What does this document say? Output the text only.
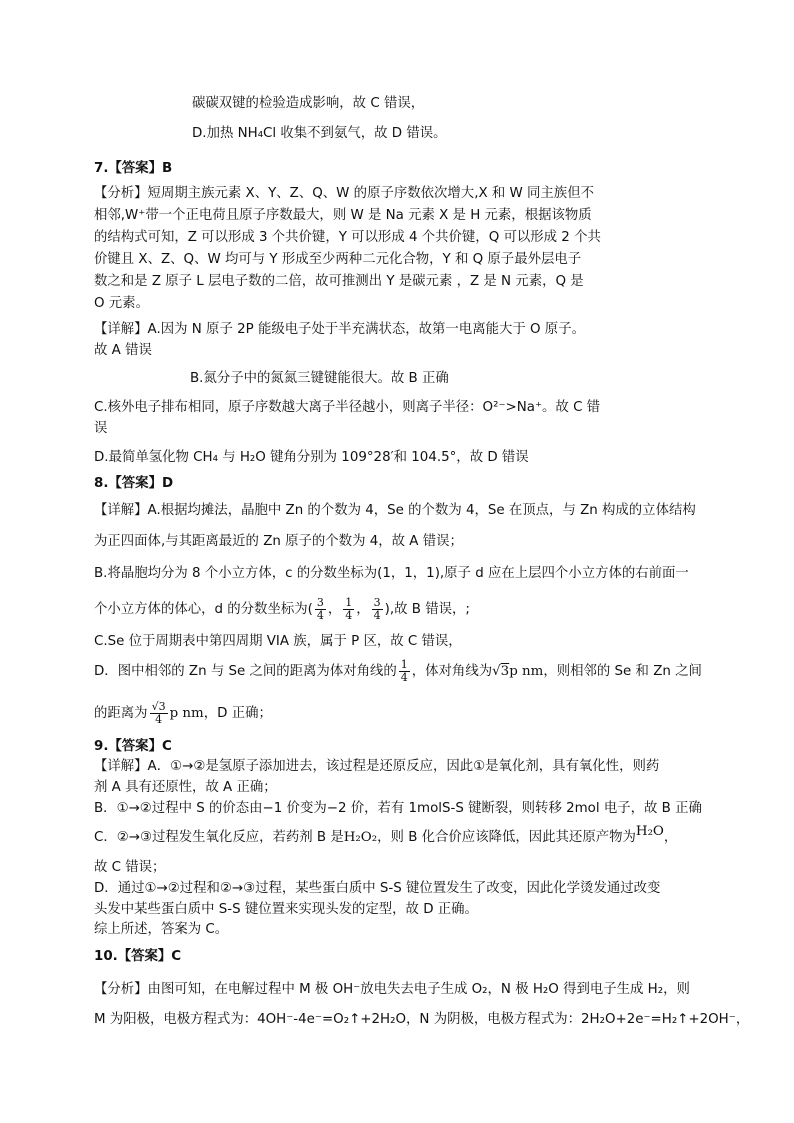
碳碳双键的检验造成影响，故 C 错误，
D.加热 NH₄Cl 收集不到氨气，故 D 错误。
7.【答案】B
【分析】短周期主族元素 X、Y、Z、Q、W 的原子序数依次增大,X 和 W 同主族但不
相邻,W⁺带一个正电荷且原子序数最大，则 W 是 Na 元素 X 是 H 元素，根据该物质
的结构式可知，Z 可以形成 3 个共价键，Y 可以形成 4 个共价键，Q 可以形成 2 个共
价键且 X、Z、Q、W 均可与 Y 形成至少两种二元化合物，Y 和 Q 原子最外层电子
数之和是 Z 原子 L 层电子数的二倍，故可推测出 Y 是碳元素 ，Z 是 N 元素，Q 是
O 元素。
【详解】A.因为 N 原子 2P 能级电子处于半充满状态，故第一电离能大于 O 原子。
故 A 错误
B.氮分子中的氮氮三键键能很大。故 B 正确
C.核外电子排布相同，原子序数越大离子半径越小，则离子半径：O²⁻>Na⁺。故 C 错
误
D.最简单氢化物 CH₄ 与 H₂O 键角分别为 109°28′和 104.5°，故 D 错误
8.【答案】D
【详解】A.根据均摊法，晶胞中 Zn 的个数为 4，Se 的个数为 4，Se 在顶点，与 Zn 构成的立体结构
为正四面体,与其距离最近的 Zn 原子的个数为 4，故 A 错误；
B.将晶胞均分为 8 个小立方体，c 的分数坐标为(1，1，1),原子 d 应在上层四个小立方体的右前面一
个小立方体的体心，d 的分数坐标为( $\frac{3}{4}$ ， $\frac{1}{4}$ ， $\frac{3}{4}$ ),故 B 错误，;
C.Se 位于周期表中第四周期 VIA 族，属于 P 区，故 C 错误，
D．图中相邻的 Zn 与 Se 之间的距离为体对角线的 $\frac{1}{4}$ ，体对角线为√3p nm，则相邻的 Se 和 Zn 之间
的距离为 $\frac{√3}{4}$ p nm，D 正确；
9.【答案】C
【详解】A．①→②是氢原子添加进去，该过程是还原反应，因此①是氧化剂，具有氧化性，则药
剂 A 具有还原性，故 A 正确；
B．①→②过程中 S 的价态由−1 价变为−2 价，若有 1molS-S 键断裂，则转移 2mol 电子，故 B 正确
C．②→③过程发生氧化反应，若药剂 B 是H₂O₂，则 B 化合价应该降低，因此其还原产物为H₂O，
故 C 错误；
D．通过①→②过程和②→③过程，某些蛋白质中 S-S 键位置发生了改变，因此化学烫发通过改变
头发中某些蛋白质中 S-S 键位置来实现头发的定型，故 D 正确。
综上所述，答案为 C。
10.【答案】C
【分析】由图可知，在电解过程中 M 极 OH⁻放电失去电子生成 O₂，N 极 H₂O 得到电子生成 H₂，则
M 为阳极，电极方程式为：4OH⁻-4e⁻=O₂↑+2H₂O，N 为阴极，电极方程式为：2H₂O+2e⁻=H₂↑+2OH⁻，
